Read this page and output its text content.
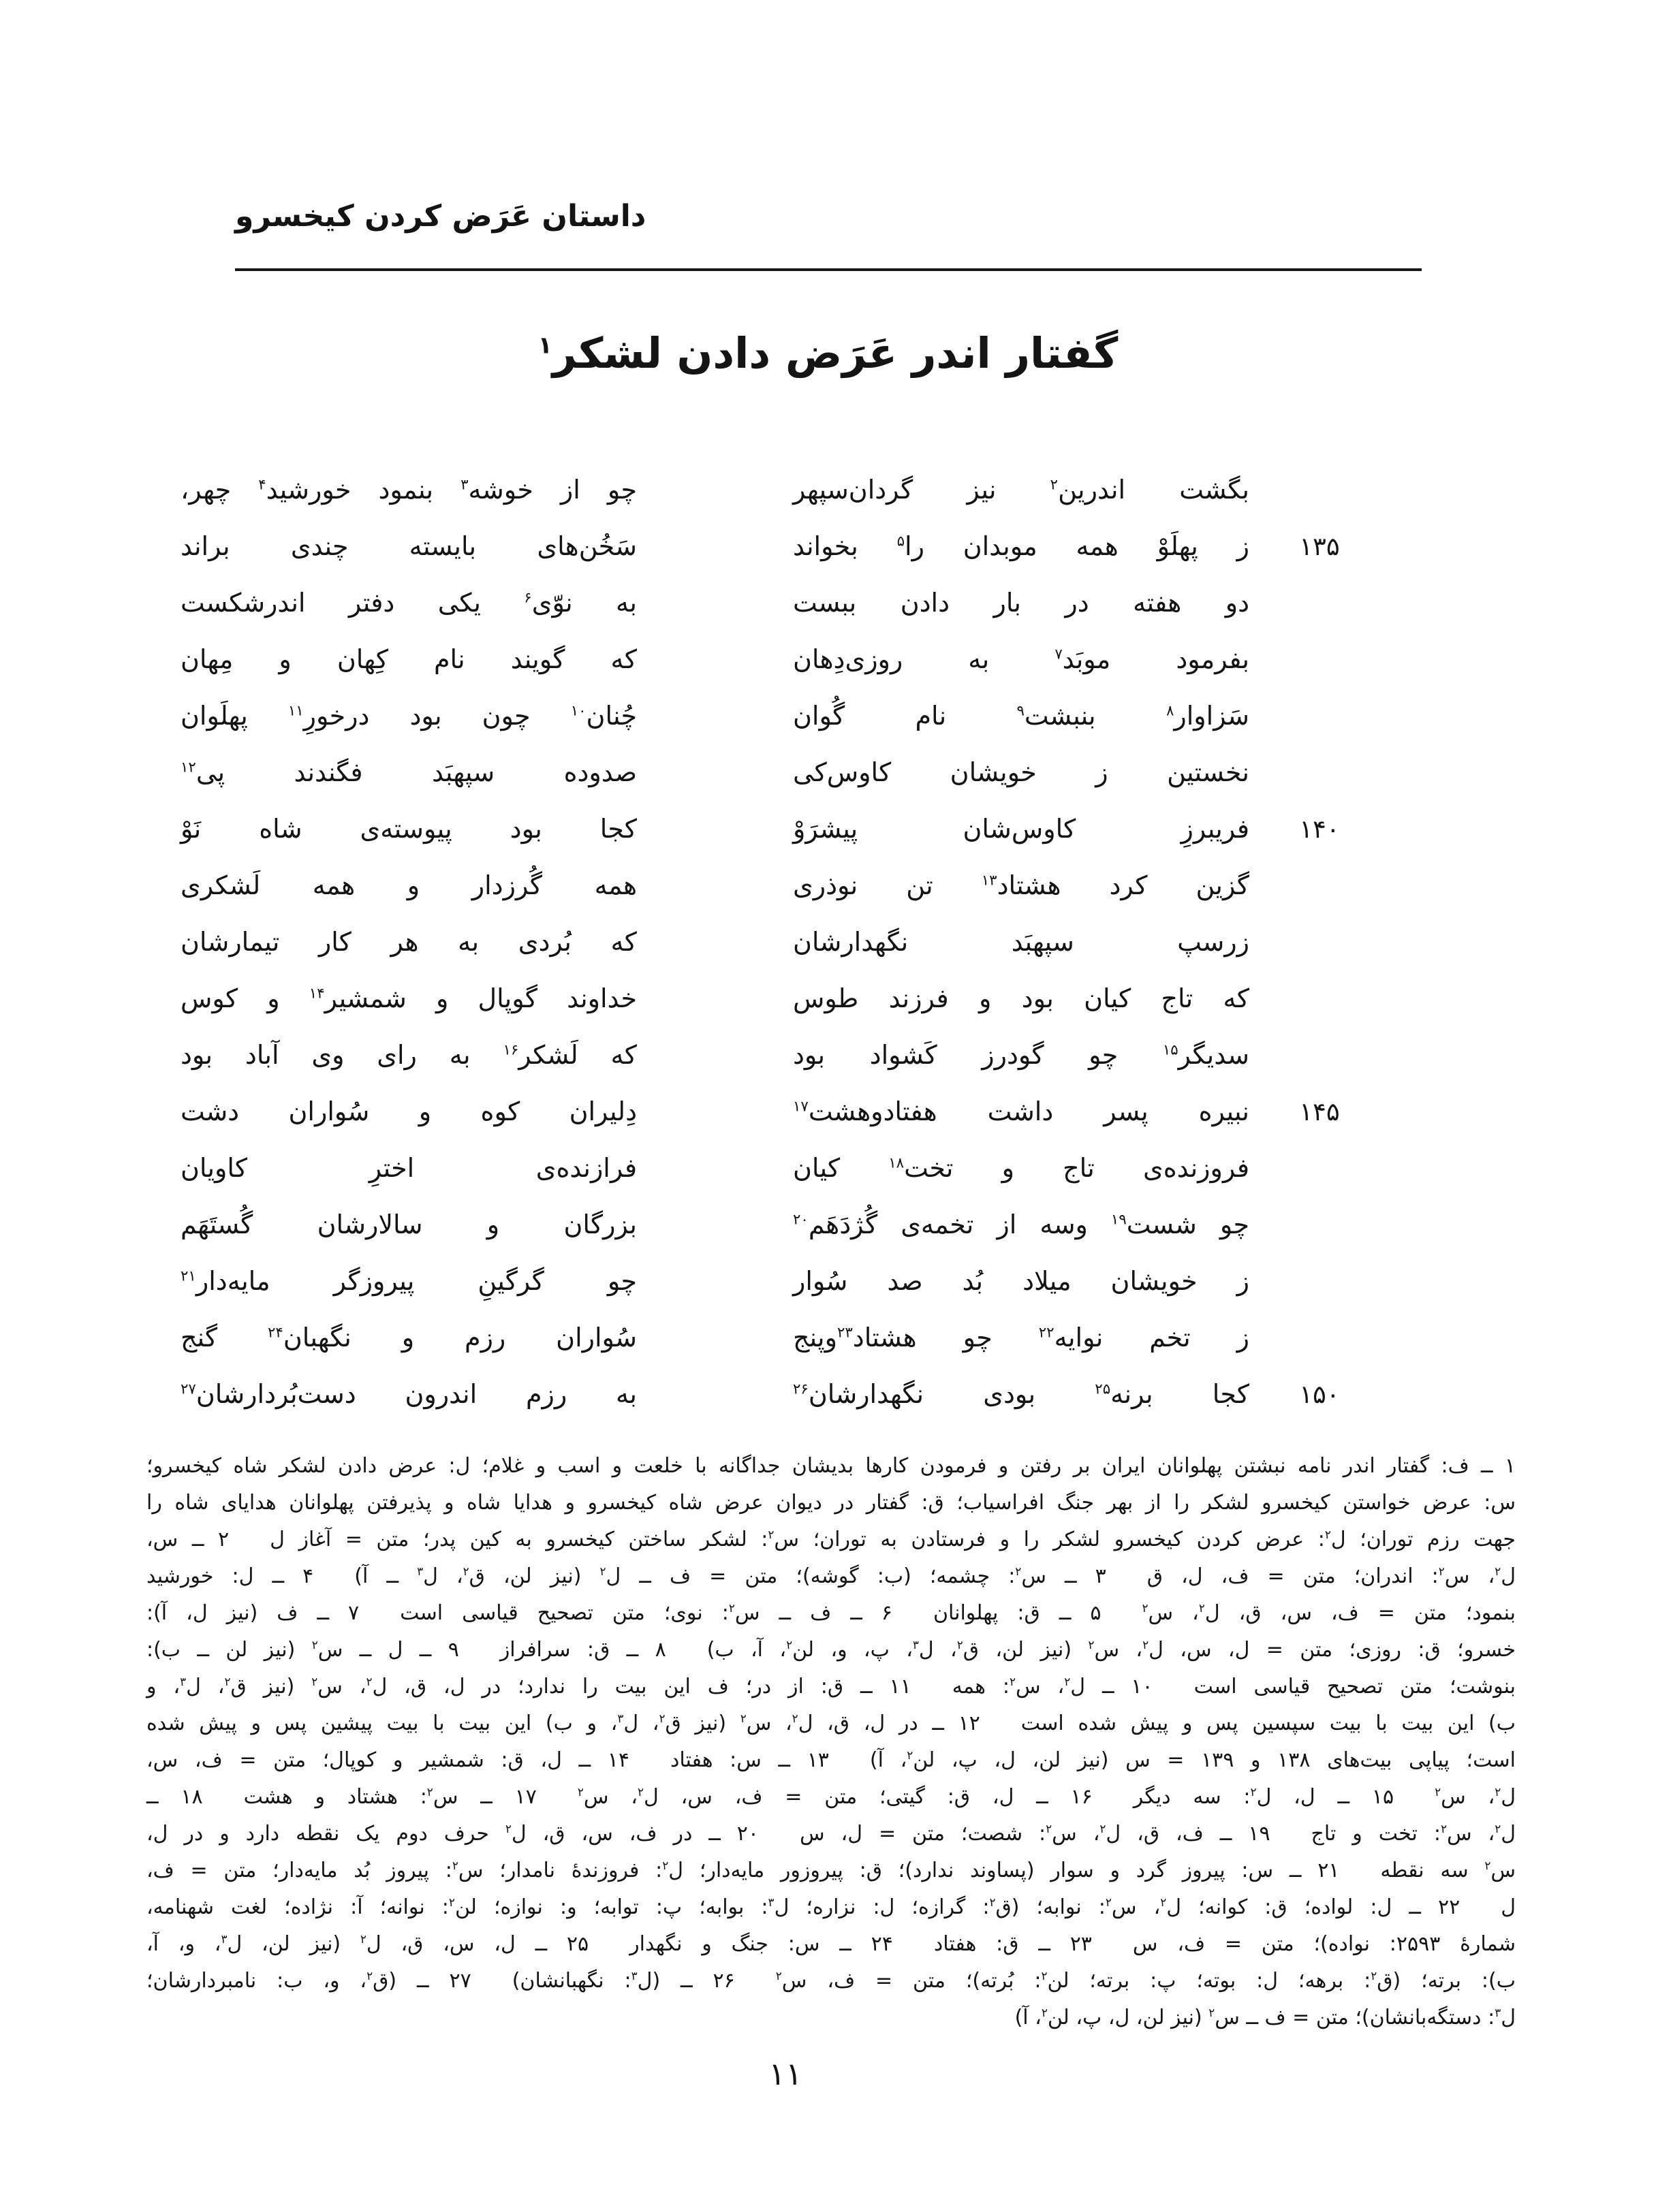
داستان عَرَض کردن کیخسرو
گفتار اندر عَرَض دادن لشکر$^۱$
بگشت اندرین$^۲$ نیز گردان‌سپهر
چو از خوشه$^۳$ بنمود خورشید$^۴$ چهر،
۱۳۵
ز پهلَوْ همه موبدان را$^۵$ بخواند
سَخُن‌های بایسته چندی براند
دو هفته در بار دادن ببست
به نوّی$^۶$ یکی دفتر اندرشکست
بفرمود موبَد$^۷$ به روزی‌دِهان
که گویند نام کِهان و مِهان
سَزاوار$^۸$ بنبشت$^۹$ نام گُوان
چُنان$^{۱۰}$ چون بود درخورِ$^{۱۱}$ پهلَوان
نخستین ز خویشان کاوس‌کی
صدوده سپهبَد فگندند پی$^{۱۲}$
۱۴۰
فریبرزِ کاوس‌شان پیشرَوْ
کجا بود پیوسته‌ی شاه نَوْ
گزین کرد هشتاد$^{۱۳}$ تن نوذری
همه گُرزدار و همه لَشکری
زرسپ سپهبَد نگهدارشان
که بُردی به هر کار تیمارشان
که تاج کیان بود و فرزند طوس
خداوند گوپال و شمشیر$^{۱۴}$ و کوس
سدیگر$^{۱۵}$ چو گودرز کَشواد بود
که لَشکر$^{۱۶}$ به رای وی آباد بود
۱۴۵
نبیره پسر داشت هفتادوهشت$^{۱۷}$
دِلیران کوه و سُواران دشت
فروزنده‌ی تاج و تخت$^{۱۸}$ کیان
فرازنده‌ی اخترِ کاویان
چو شست$^{۱۹}$ وسه از تخمه‌ی گُژدَهَم$^{۲۰}$
بزرگان و سالارشان گُستَهَم
ز خویشان میلاد بُد صد سُوار
چو گرگینِ پیروزگر مایه‌دار$^{۲۱}$
ز تخم نوایه$^{۲۲}$ چو هشتاد$^{۲۳}$وپنج
سُواران رزم و نگهبان$^{۲۴}$ گنج
۱۵۰
کجا برنه$^{۲۵}$ بودی نگهدارشان$^{۲۶}$
به رزم اندرون دست‌بُردارشان$^{۲۷}$
۱ ــ ف: گفتار اندر نامه نبشتن پهلوانان ایران بر رفتن و فرمودن کارها بدیشان جداگانه با خلعت و اسب و غلام؛ ل: عرض دادن لشکر شاه کیخسرو؛
س: عرض خواستن کیخسرو لشکر را از بهر جنگ افراسیاب؛ ق: گفتار در دیوان عرض شاه کیخسرو و هدایا شاه و پذیرفتن پهلوانان هدایای شاه را
جهت رزم توران؛ ل$^۲$: عرض کردن کیخسرو لشکر را و فرستادن به توران؛ س$^۲$: لشکر ساختن کیخسرو به کین پدر؛ متن = آغاز ل  ۲ ــ س،
ل$^۲$، س$^۲$: اندران؛ متن = ف، ل، ق  ۳ ــ س$^۲$: چشمه؛ (ب: گوشه)؛ متن = ف ــ ل$^۲$ (نیز لن، ق$^۲$، ل$^۳$ ــ آ)  ۴ ــ ل: خورشید
بنمود؛ متن = ف، س، ق، ل$^۲$، س$^۲$  ۵ ــ ق: پهلوانان  ۶ ــ ف ــ س$^۲$: نوی؛ متن تصحیح قیاسی است  ۷ ــ ف (نیز ل، آ):
خسرو؛ ق: روزی؛ متن = ل، س، ل$^۲$، س$^۲$ (نیز لن، ق$^۲$، ل$^۳$، پ، و، لن$^۲$، آ، ب)  ۸ ــ ق: سرافراز  ۹ ــ ل ــ س$^۲$ (نیز لن ــ ب):
بنوشت؛ متن تصحیح قیاسی است  ۱۰ ــ ل$^۲$، س$^۲$: همه  ۱۱ ــ ق: از در؛ ف این بیت را ندارد؛ در ل، ق، ل$^۲$، س$^۲$ (نیز ق$^۲$، ل$^۳$، و
ب) این بیت با بیت سپسین پس و پیش شده است  ۱۲ ــ در ل، ق، ل$^۲$، س$^۲$ (نیز ق$^۲$، ل$^۳$، و ب) این بیت با بیت پیشین پس و پیش شده
است؛ پیاپی بیت‌های ۱۳۸ و ۱۳۹ = س (نیز لن، ل، پ، لن$^۲$، آ)  ۱۳ ــ س: هفتاد  ۱۴ ــ ل، ق: شمشیر و کوپال؛ متن = ف، س،
ل$^۲$، س$^۲$  ۱۵ ــ ل، ل$^۲$: سه دیگر  ۱۶ ــ ل، ق: گیتی؛ متن = ف، س، ل$^۲$، س$^۲$  ۱۷ ــ س$^۲$: هشتاد و هشت  ۱۸ ــ
ل$^۲$، س$^۲$: تخت و تاج  ۱۹ ــ ف، ق، ل$^۲$، س$^۲$: شصت؛ متن = ل، س  ۲۰ ــ در ف، س، ق، ل$^۲$ حرف دوم یک نقطه دارد و در ل،
س$^۲$ سه نقطه  ۲۱ ــ س: پیروز گرد و سوار (پساوند ندارد)؛ ق: پیروزور مایه‌دار؛ ل$^۲$: فروزندهٔ نامدار؛ س$^۲$: پیروز بُد مایه‌دار؛ متن = ف،
ل  ۲۲ ــ ل: لواده؛ ق: کوانه؛ ل$^۲$، س$^۲$: نوابه؛ (ق$^۲$: گرازه؛ ل: نزاره؛ ل$^۳$: بوابه؛ پ: توابه؛ و: نوازه؛ لن$^۲$: نوانه؛ آ: نژاده؛ لغت شهنامه،
شمارهٔ ۲۵۹۳: نواده)؛ متن = ف، س  ۲۳ ــ ق: هفتاد  ۲۴ ــ س: جنگ و نگهدار  ۲۵ ــ ل، س، ق، ل$^۲$ (نیز لن، ل$^۳$، و، آ،
ب): برته؛ (ق$^۲$: برهه؛ ل: بوته؛ پ: برته؛ لن$^۲$: بُرته)؛ متن = ف، س$^۲$  ۲۶ ــ (ل$^۳$: نگهبانشان)  ۲۷ ــ (ق$^۲$، و، ب: نامبردارشان؛
ل$^۳$: دستگه‌بانشان)؛ متن = ف ــ س$^۲$ (نیز لن، ل، پ، لن$^۲$، آ)
۱۱
